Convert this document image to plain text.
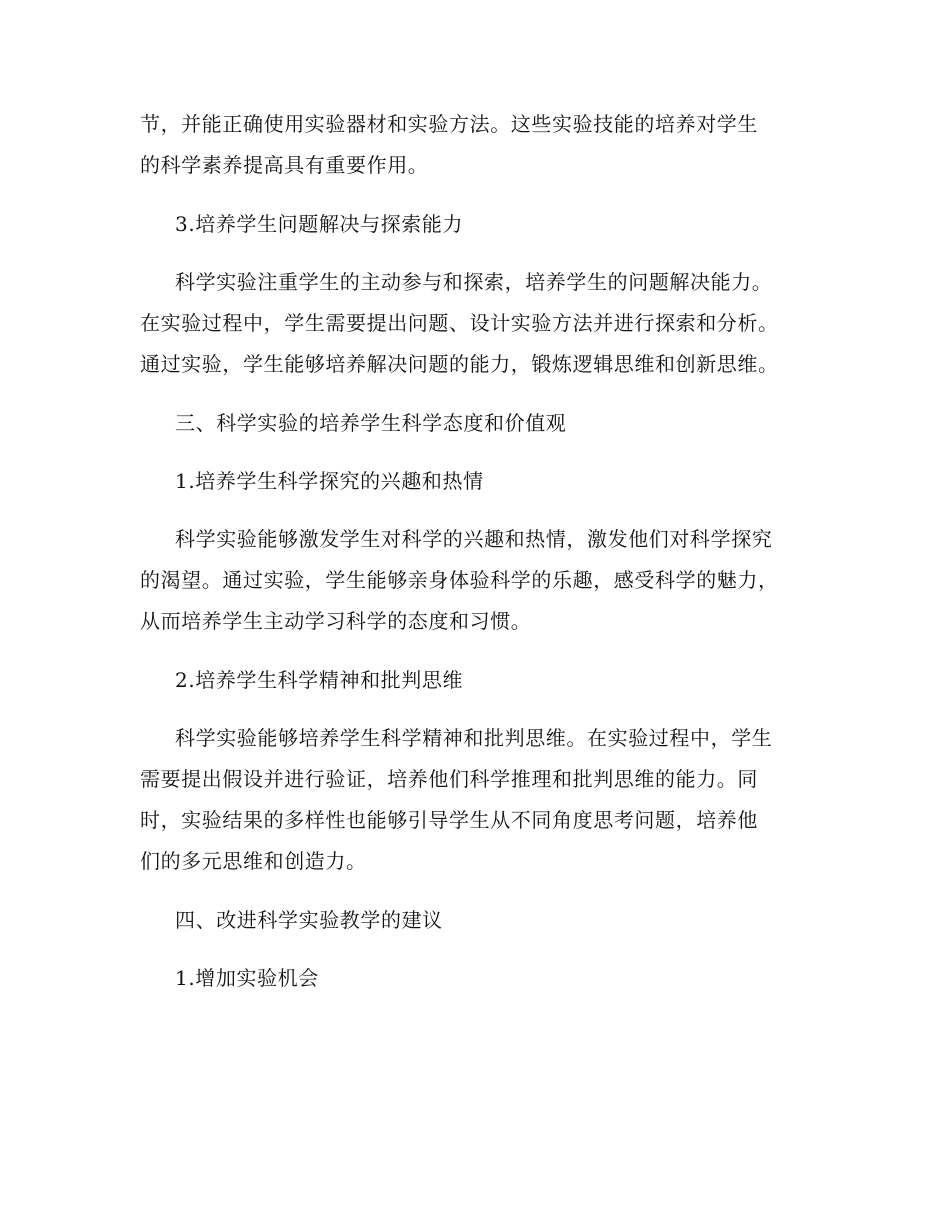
节，并能正确使用实验器材和实验方法。这些实验技能的培养对学生
的科学素养提高具有重要作用。
3.培养学生问题解决与探索能力
科学实验注重学生的主动参与和探索，培养学生的问题解决能力。
在实验过程中，学生需要提出问题、设计实验方法并进行探索和分析。
通过实验，学生能够培养解决问题的能力，锻炼逻辑思维和创新思维。
三、科学实验的培养学生科学态度和价值观
1.培养学生科学探究的兴趣和热情
科学实验能够激发学生对科学的兴趣和热情，激发他们对科学探究
的渴望。通过实验，学生能够亲身体验科学的乐趣，感受科学的魅力，
从而培养学生主动学习科学的态度和习惯。
2.培养学生科学精神和批判思维
科学实验能够培养学生科学精神和批判思维。在实验过程中，学生
需要提出假设并进行验证，培养他们科学推理和批判思维的能力。同
时，实验结果的多样性也能够引导学生从不同角度思考问题，培养他
们的多元思维和创造力。
四、改进科学实验教学的建议
1.增加实验机会
